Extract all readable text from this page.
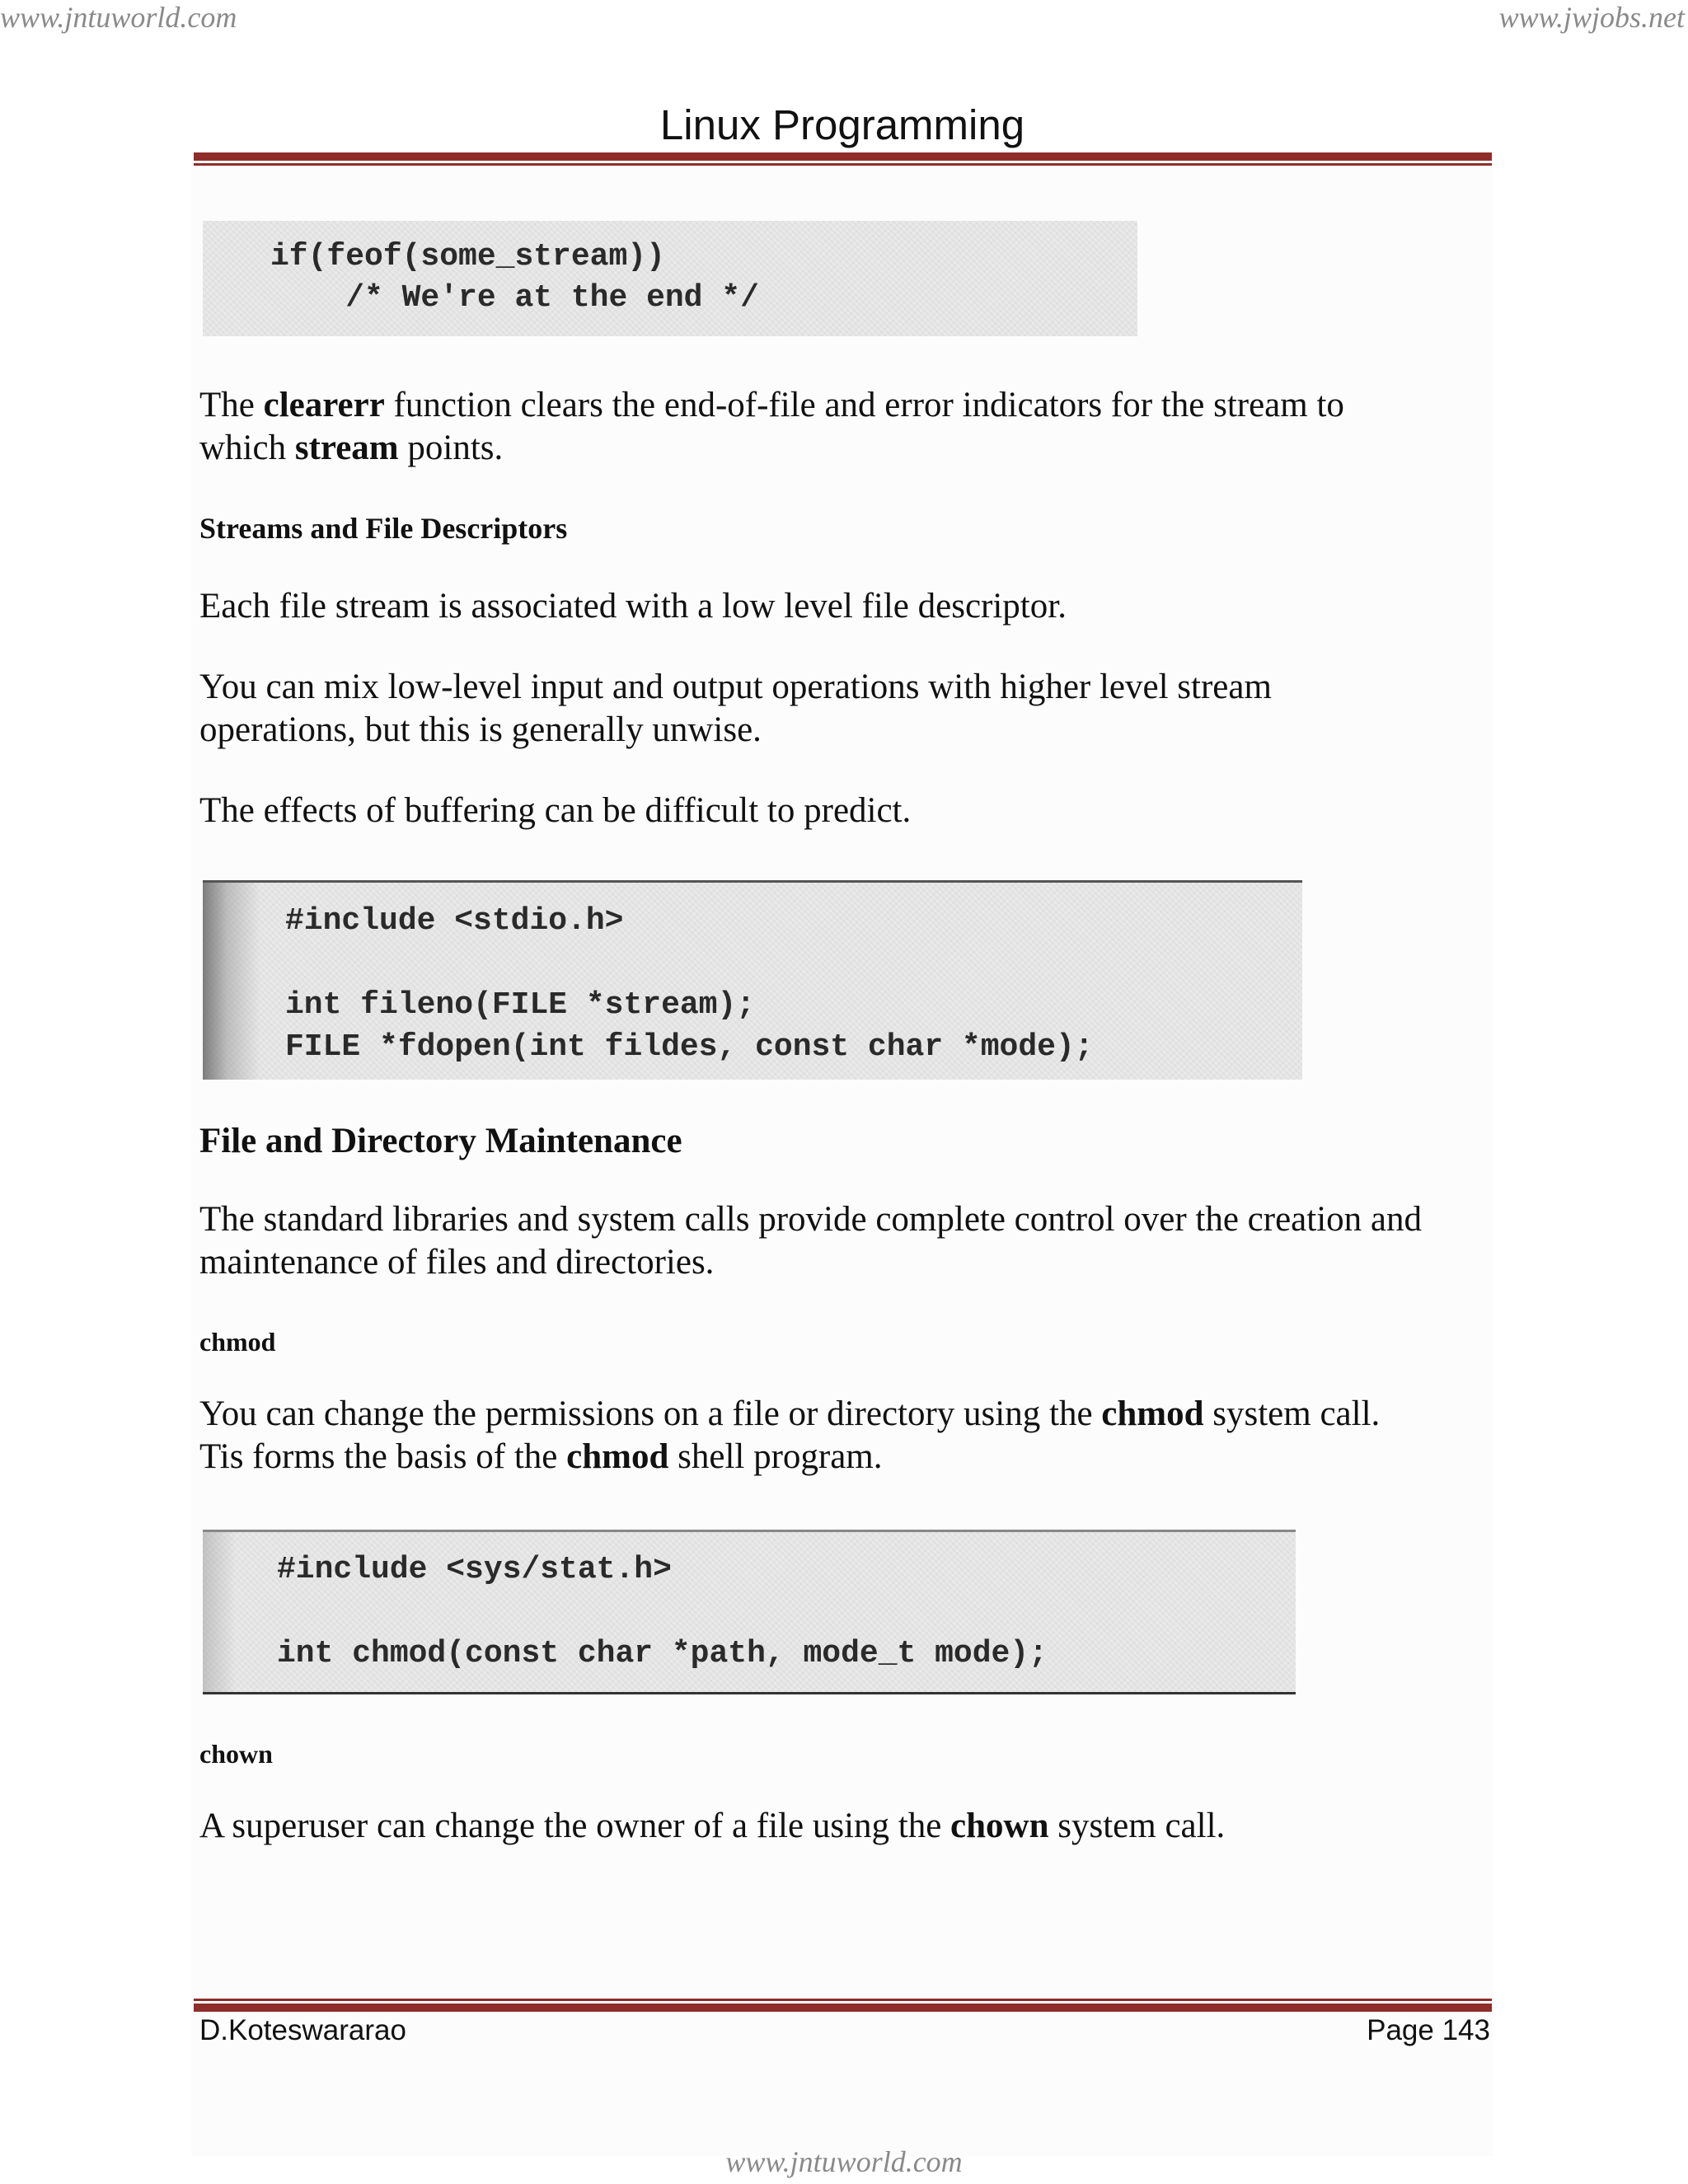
www.jntuworld.com	www.jwjobs.net
Linux Programming

if(feof(some_stream))

/* We're at the end */

The clearerr function clears the end-of-file and error indicators for the stream to
which stream points.

Streams and File Descriptors

Each file stream is associated with a low level file descriptor.

You can mix low-level input and output operations with higher level stream
operations, but this is generally unwise.

The effects of buffering can be difficult to predict.

#include <stdio.h>

int fileno(FILE *stream);

FILE *fdopen(int fildes, const char *mode);

File and Directory Maintenance

The standard libraries and system calls provide complete control over the creation and
maintenance of files and directories.

chmod

You can change the permissions on a file or directory using the chmod system call.
Tis forms the basis of the chmod shell program.

#include <sys/stat.h>

int chmod(const char *path, mode_t mode);

chown

A superuser can change the owner of a file using the chown system call.

D.Koteswararao	Page 143
www.jntuworld.com
